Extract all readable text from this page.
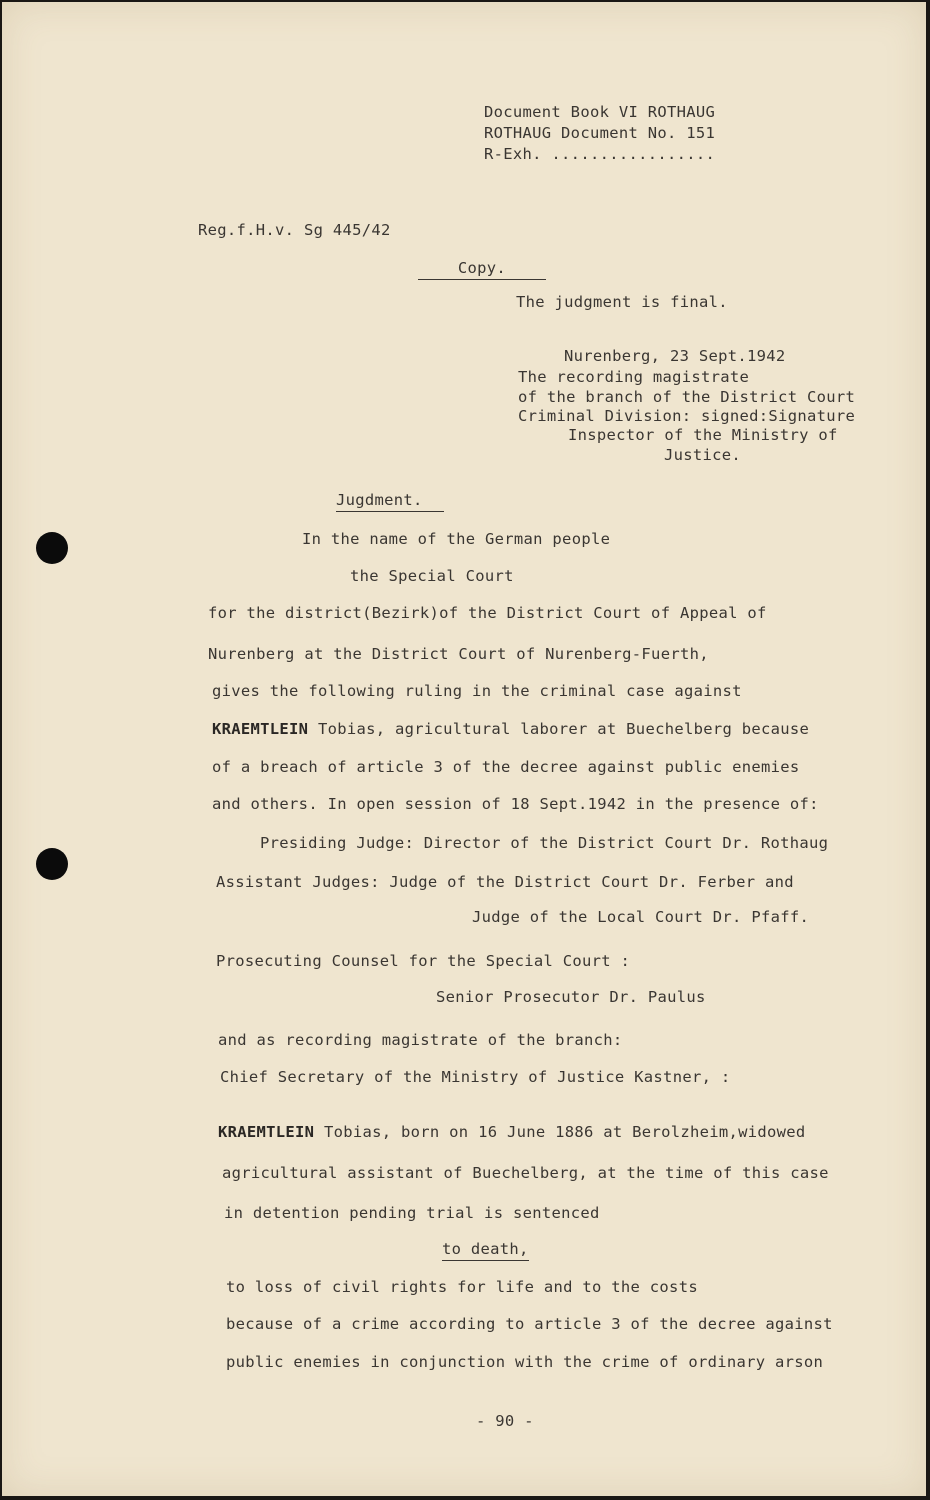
Document Book VI ROTHAUG
ROTHAUG Document No. 151
R-Exh. .................
Reg.f.H.v. Sg 445/42
Copy.
The judgment is final.
Nurenberg, 23 Sept.1942
The recording magistrate
of the branch of the District Court
Criminal Division: signed:Signature
Inspector of the Ministry of
Justice.
Jugdment.
In the name of the German people
the Special Court
for the district(Bezirk)of the District Court of Appeal of
Nurenberg at the District Court of Nurenberg-Fuerth,
gives the following ruling in the criminal case against
KRAEMTLEIN Tobias, agricultural laborer at Buechelberg because
of a breach of article 3 of the decree against public enemies
and others. In open session of 18 Sept.1942 in the presence of:
Presiding Judge: Director of the District Court Dr. Rothaug
Assistant Judges: Judge of the District Court Dr. Ferber and
Judge of the Local Court Dr. Pfaff.
Prosecuting Counsel for the Special Court :
Senior Prosecutor Dr. Paulus
and as recording magistrate of the branch:
Chief Secretary of the Ministry of Justice Kastner, :
KRAEMTLEIN Tobias, born on 16 June 1886 at Berolzheim,widowed
agricultural assistant of Buechelberg, at the time of this case
in detention pending trial is sentenced
to death,
to loss of civil rights for life and to the costs
because of a crime according to article 3 of the decree against
public enemies in conjunction with the crime of ordinary arson
- 90 -
